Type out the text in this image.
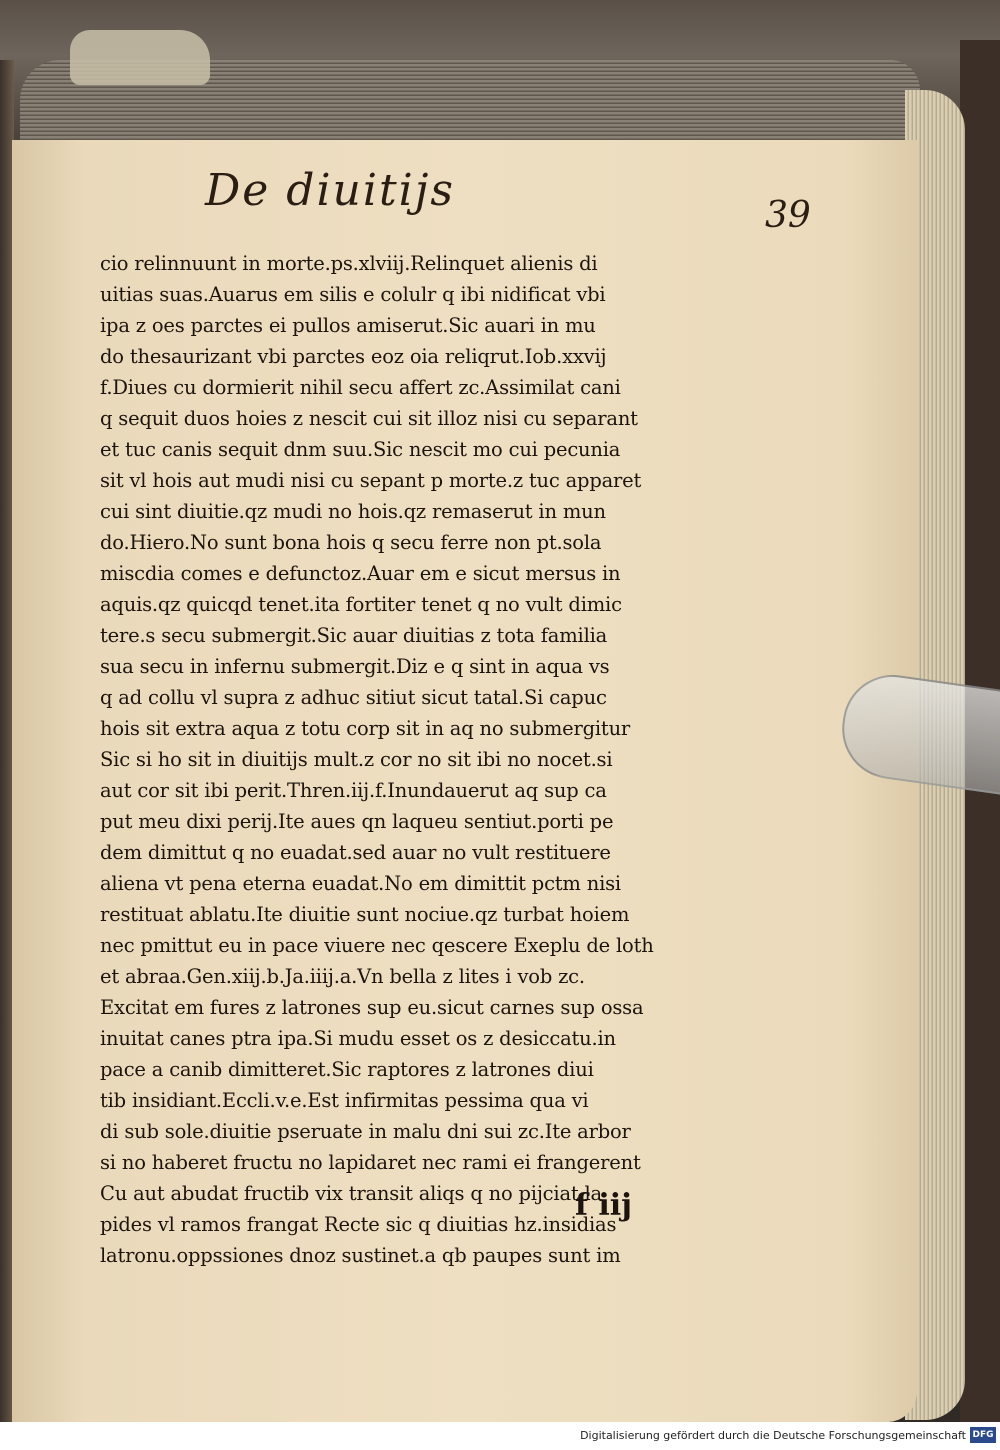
De diuitijs	39
cio relinnuunt in morte.ps.xlviij.Relinquet alienis di
uitias suas.Auarus em silis e colulr q ibi nidificat vbi
ipa z oes parctes ei pullos amiserut.Sic auari in mu
do thesaurizant vbi parctes eoz oia reliqrut.Iob.xxvij
f.Diues cu dormierit nihil secu affert zc.Assimilat cani
q sequit duos hoies z nescit cui sit illoz nisi cu separant
et tuc canis sequit dnm suu.Sic nescit mo cui pecunia
sit vl hois aut mudi nisi cu sepant p morte.z tuc apparet
cui sint diuitie.qz mudi no hois.qz remaserut in mun
do.Hiero.No sunt bona hois q secu ferre non pt.sola
miscdia comes e defunctoz.Auar em e sicut mersus in
aquis.qz quicqd tenet.ita fortiter tenet q no vult dimic
tere.s secu submergit.Sic auar diuitias z tota familia
sua secu in infernu submergit.Diz e q sint in aqua vs
q ad collu vl supra z adhuc sitiut sicut tatal.Si capuc
hois sit extra aqua z totu corp sit in aq no submergitur
Sic si ho sit in diuitijs mult.z cor no sit ibi no nocet.si
aut cor sit ibi perit.Thren.iij.f.Inundauerut aq sup ca
put meu dixi perij.Ite aues qn laqueu sentiut.porti pe
dem dimittut q no euadat.sed auar no vult restituere
aliena vt pena eterna euadat.No em dimittit pctm nisi
restituat ablatu.Ite diuitie sunt nociue.qz turbat hoiem
nec pmittut eu in pace viuere nec qescere Exeplu de loth
et abraa.Gen.xiij.b.Ja.iiij.a.Vn bella z lites i vob zc.
Excitat em fures z latrones sup eu.sicut carnes sup ossa
inuitat canes ptra ipa.Si mudu esset os z desiccatu.in
pace a canib dimitteret.Sic raptores z latrones diui
tib insidiant.Eccli.v.e.Est infirmitas pessima qua vi
di sub sole.diuitie pseruate in malu dni sui zc.Ite arbor
si no haberet fructu no lapidaret nec rami ei frangerent
Cu aut abudat fructib vix transit aliqs q no pijciat la
pides vl ramos frangat Recte sic q diuitias hz.insidias
latronu.oppssiones dnoz sustinet.a qb paupes sunt im
f iij
Digitalisierung gefördert durch die Deutsche Forschungsgemeinschaft DFG
